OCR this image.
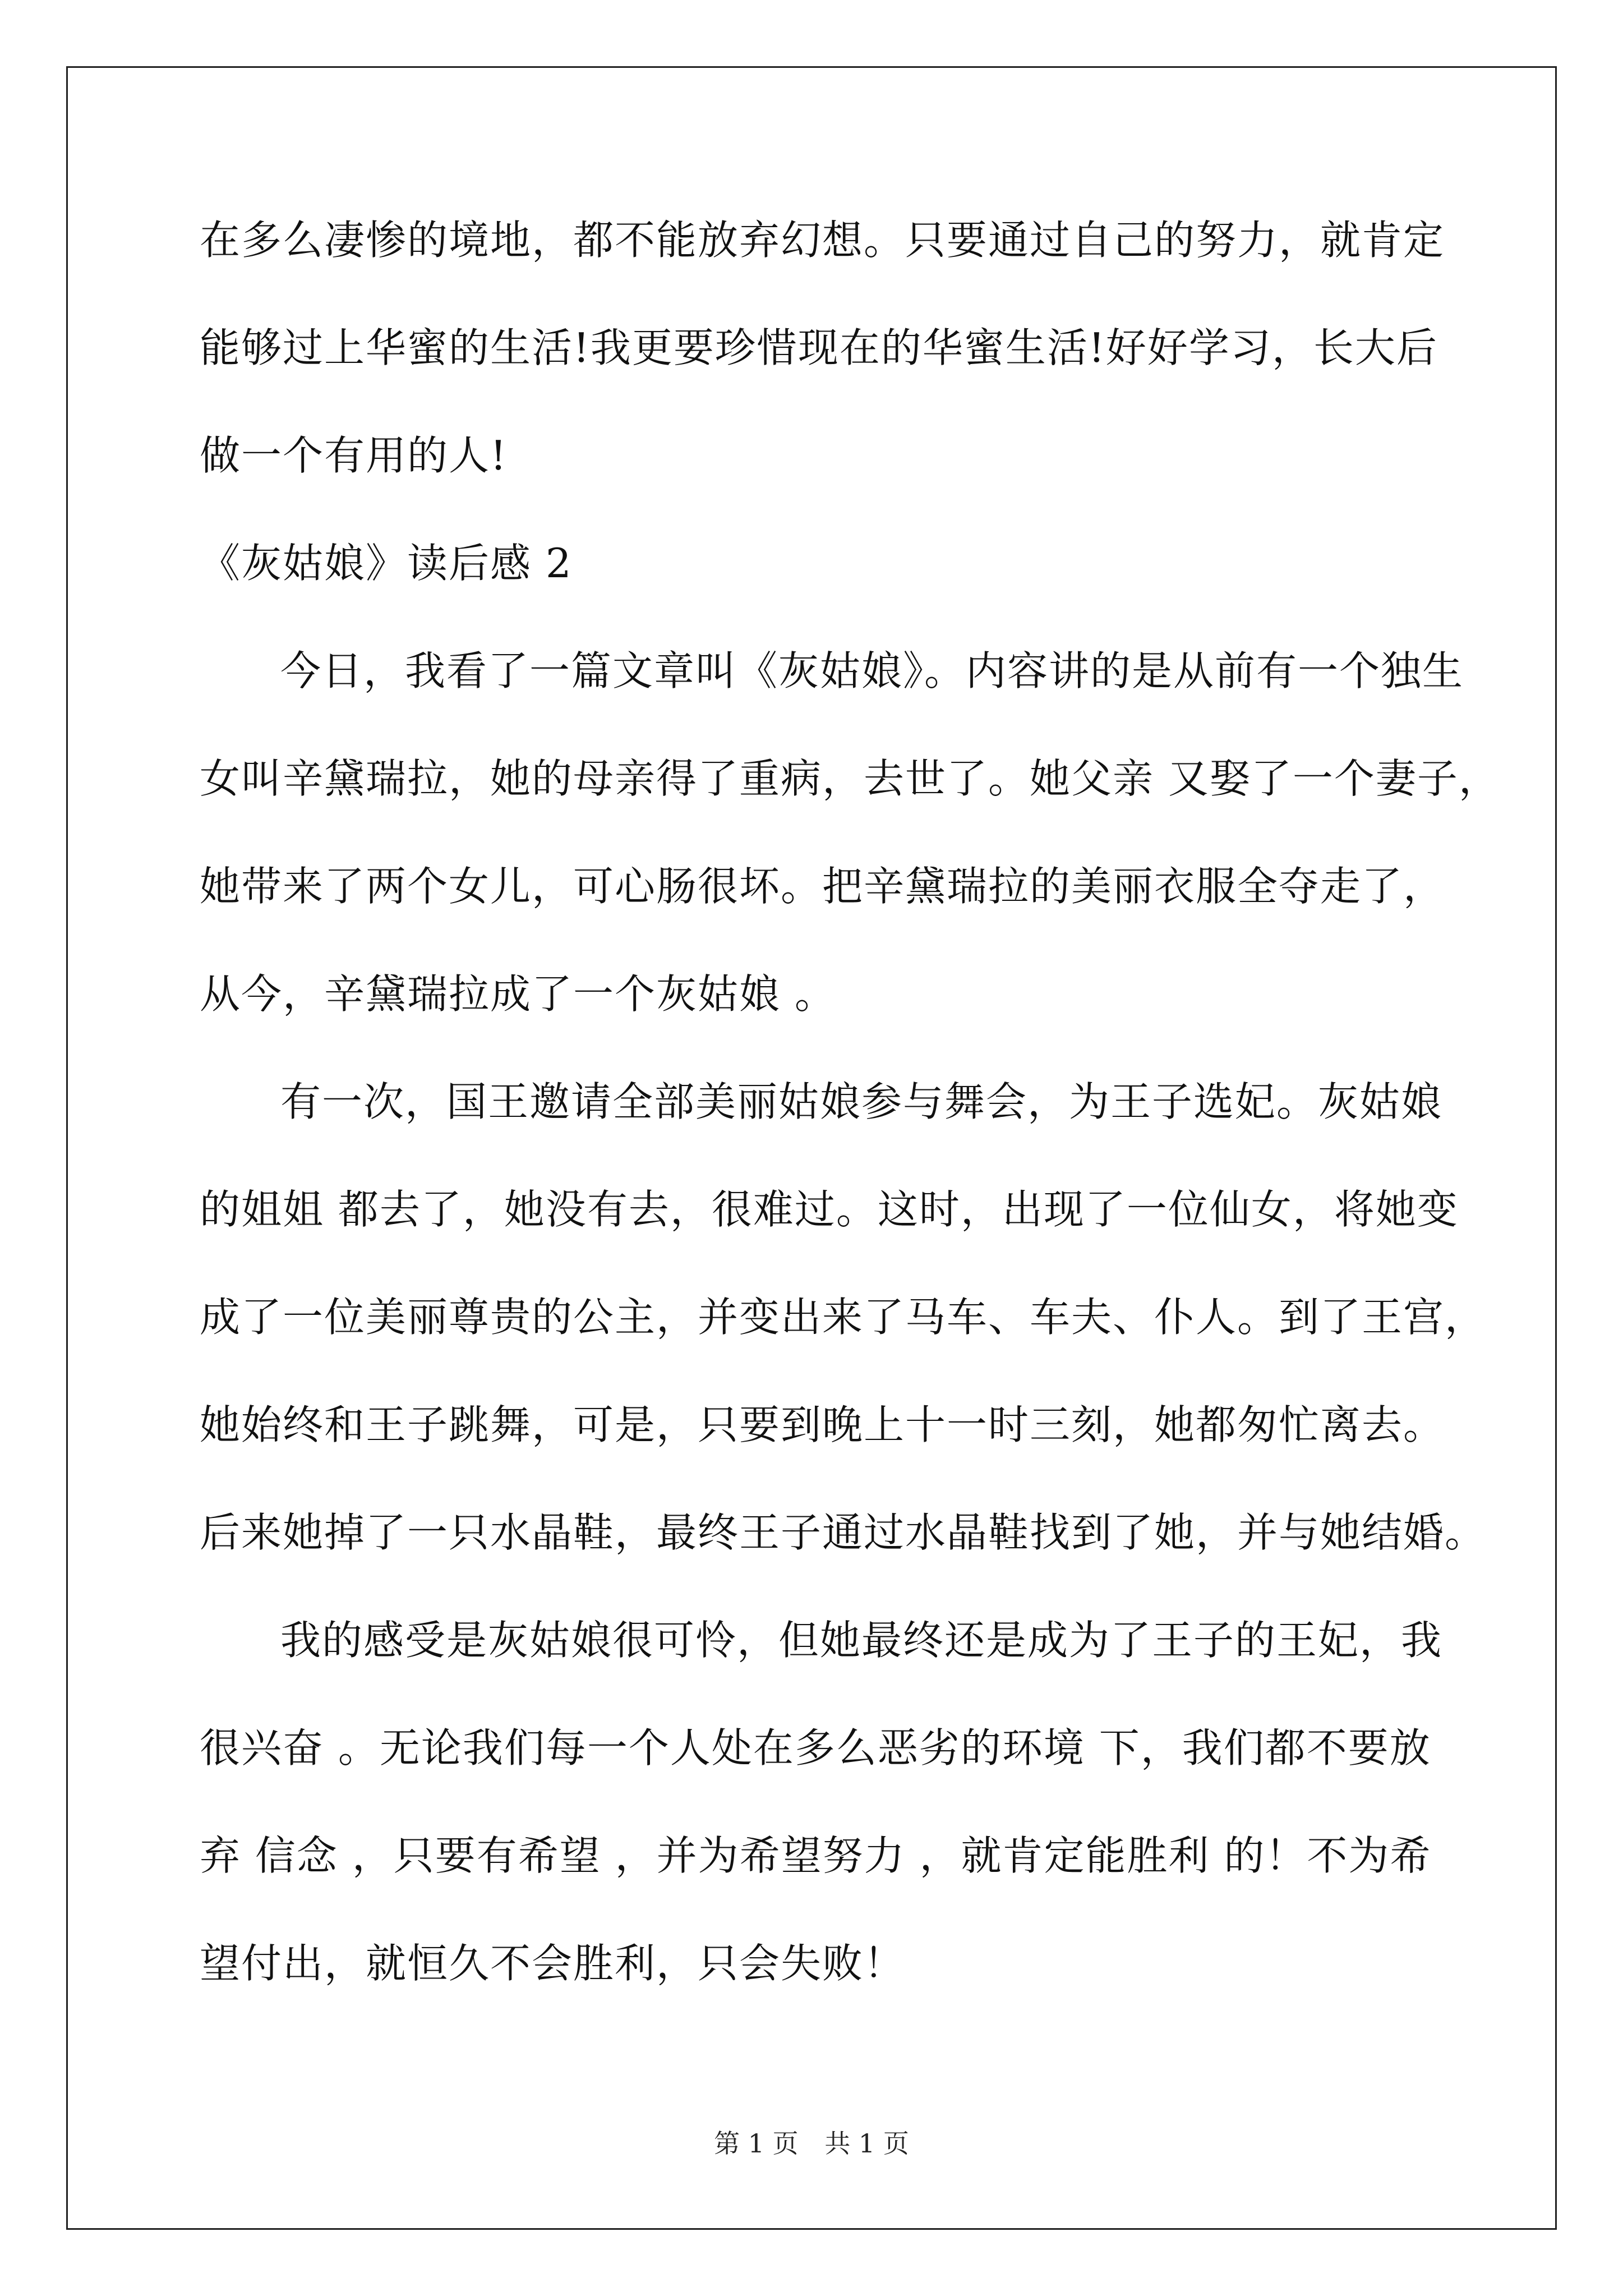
在多么凄惨的境地，都不能放弃幻想。只要通过自己的努力，就肯定
能够过上华蜜的生活!我更要珍惜现在的华蜜生活!好好学习，长大后
做一个有用的人!
《灰姑娘》读后感 2
今日，我看了一篇文章叫《灰姑娘》。内容讲的是从前有一个独生
女叫辛黛瑞拉，她的母亲得了重病，去世了。她父亲 又娶了一个妻子，
她带来了两个女儿，可心肠很坏。把辛黛瑞拉的美丽衣服全夺走了，
从今，辛黛瑞拉成了一个灰姑娘 。
有一次，国王邀请全部美丽姑娘参与舞会，为王子选妃。灰姑娘
的姐姐 都去了，她没有去，很难过。这时，出现了一位仙女，将她变
成了一位美丽尊贵的公主，并变出来了马车、车夫、仆人。到了王宫，
她始终和王子跳舞，可是，只要到晚上十一时三刻，她都匆忙离去。
后来她掉了一只水晶鞋，最终王子通过水晶鞋找到了她，并与她结婚。
我的感受是灰姑娘很可怜，但她最终还是成为了王子的王妃，我
很兴奋 。无论我们每一个人处在多么恶劣的环境 下，我们都不要放
弃 信念 ，只要有希望 ，并为希望努力 ，就肯定能胜利 的！不为希
望付出，就恒久不会胜利，只会失败！
第 1 页 共 1 页
